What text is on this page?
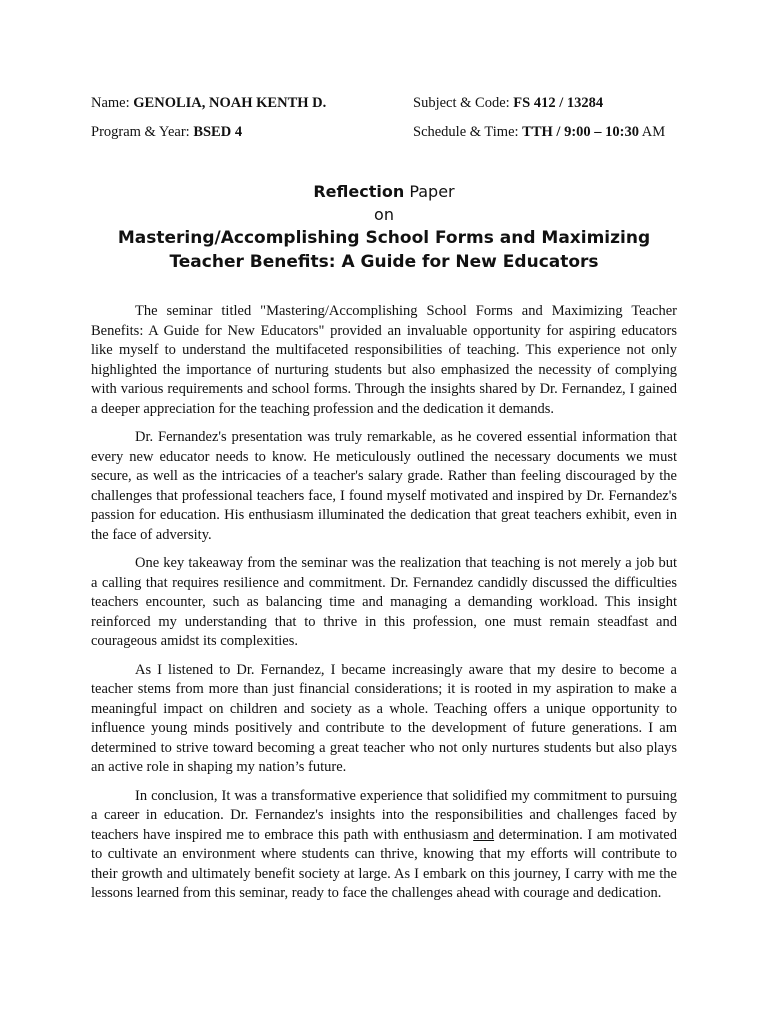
Name: GENOLIA, NOAH KENTH D.	Subject & Code: FS 412 / 13284
Program & Year: BSED 4	Schedule & Time: TTH / 9:00 – 10:30 AM
Reflection Paper
on
Mastering/Accomplishing School Forms and Maximizing
Teacher Benefits: A Guide for New Educators

The seminar titled "Mastering/Accomplishing School Forms and Maximizing Teacher Benefits: A Guide for New Educators" provided an invaluable opportunity for aspiring educators like myself to understand the multifaceted responsibilities of teaching. This experience not only highlighted the importance of nurturing students but also emphasized the necessity of complying with various requirements and school forms. Through the insights shared by Dr. Fernandez, I gained a deeper appreciation for the teaching profession and the dedication it demands.

Dr. Fernandez's presentation was truly remarkable, as he covered essential information that every new educator needs to know. He meticulously outlined the necessary documents we must secure, as well as the intricacies of a teacher's salary grade. Rather than feeling discouraged by the challenges that professional teachers face, I found myself motivated and inspired by Dr. Fernandez's passion for education. His enthusiasm illuminated the dedication that great teachers exhibit, even in the face of adversity.

One key takeaway from the seminar was the realization that teaching is not merely a job but a calling that requires resilience and commitment. Dr. Fernandez candidly discussed the difficulties teachers encounter, such as balancing time and managing a demanding workload. This insight reinforced my understanding that to thrive in this profession, one must remain steadfast and courageous amidst its complexities.

As I listened to Dr. Fernandez, I became increasingly aware that my desire to become a teacher stems from more than just financial considerations; it is rooted in my aspiration to make a meaningful impact on children and society as a whole. Teaching offers a unique opportunity to influence young minds positively and contribute to the development of future generations. I am determined to strive toward becoming a great teacher who not only nurtures students but also plays an active role in shaping my nation’s future.

In conclusion, It was a transformative experience that solidified my commitment to pursuing a career in education. Dr. Fernandez's insights into the responsibilities and challenges faced by teachers have inspired me to embrace this path with enthusiasm and determination. I am motivated to cultivate an environment where students can thrive, knowing that my efforts will contribute to their growth and ultimately benefit society at large. As I embark on this journey, I carry with me the lessons learned from this seminar, ready to face the challenges ahead with courage and dedication.
